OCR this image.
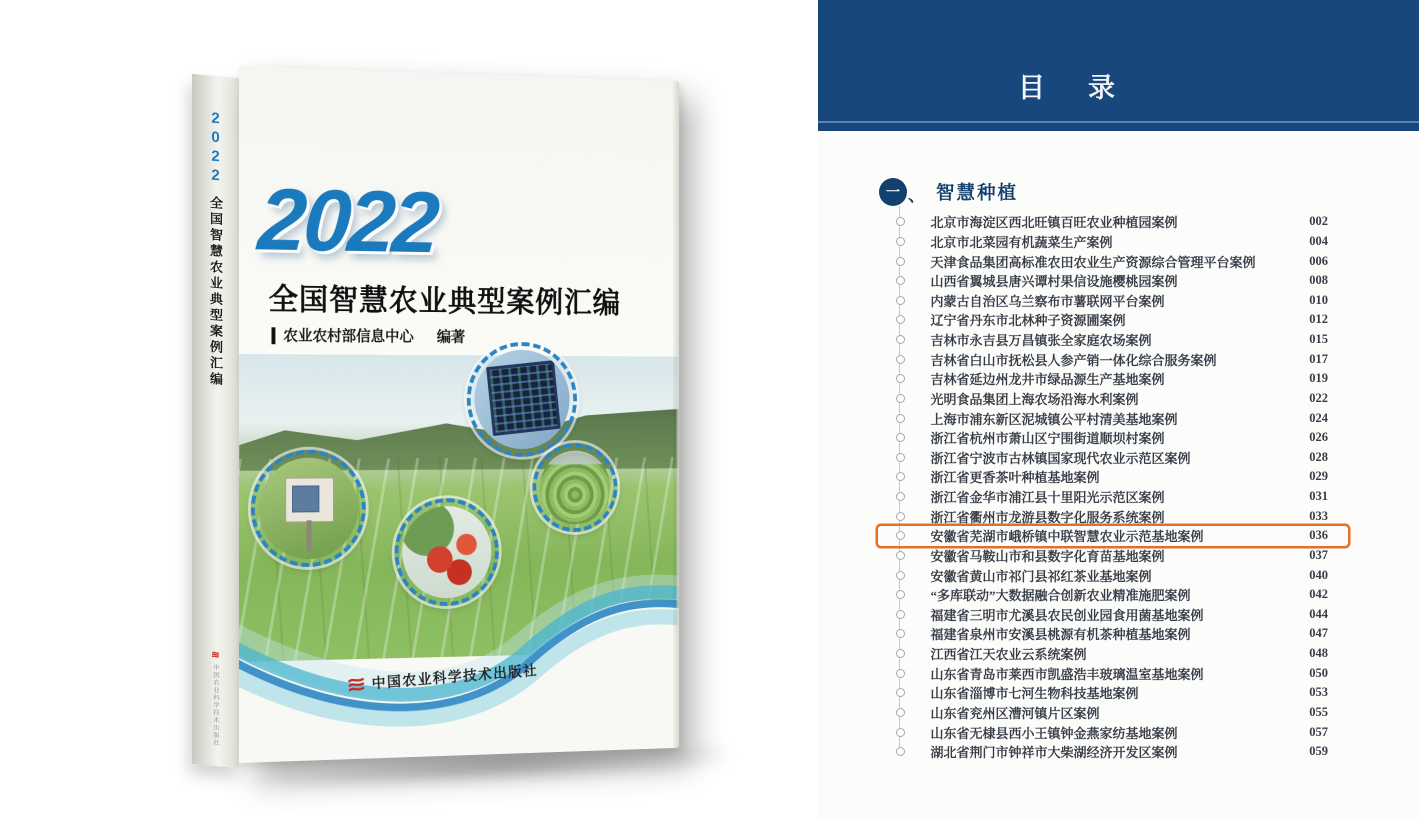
2022
全国智慧农业典型案例汇编
≋
中国农业科学技术出版社
2022
全国智慧农业典型案例汇编
农业农村部信息中心 编著
中国农业科学技术出版社
目　录
一 、 智慧种植
北京市海淀区西北旺镇百旺农业种植园案例	002
北京市北菜园有机蔬菜生产案例	004
天津食品集团高标准农田农业生产资源综合管理平台案例	006
山西省翼城县唐兴谭村果信设施樱桃园案例	008
内蒙古自治区乌兰察布市薯联网平台案例	010
辽宁省丹东市北林种子资源圃案例	012
吉林市永吉县万昌镇张全家庭农场案例	015
吉林省白山市抚松县人参产销一体化综合服务案例	017
吉林省延边州龙井市绿品源生产基地案例	019
光明食品集团上海农场沿海水利案例	022
上海市浦东新区泥城镇公平村清美基地案例	024
浙江省杭州市萧山区宁围街道顺坝村案例	026
浙江省宁波市古林镇国家现代农业示范区案例	028
浙江省更香茶叶种植基地案例	029
浙江省金华市浦江县十里阳光示范区案例	031
浙江省衢州市龙游县数字化服务系统案例	033
安徽省芜湖市峨桥镇中联智慧农业示范基地案例	036
安徽省马鞍山市和县数字化育苗基地案例	037
安徽省黄山市祁门县祁红茶业基地案例	040
“多库联动”大数据融合创新农业精准施肥案例	042
福建省三明市尤溪县农民创业园食用菌基地案例	044
福建省泉州市安溪县桃源有机茶种植基地案例	047
江西省江天农业云系统案例	048
山东省青岛市莱西市凯盛浩丰玻璃温室基地案例	050
山东省淄博市七河生物科技基地案例	053
山东省兖州区漕河镇片区案例	055
山东省无棣县西小王镇钟金燕家纺基地案例	057
湖北省荆门市钟祥市大柴湖经济开发区案例	059
